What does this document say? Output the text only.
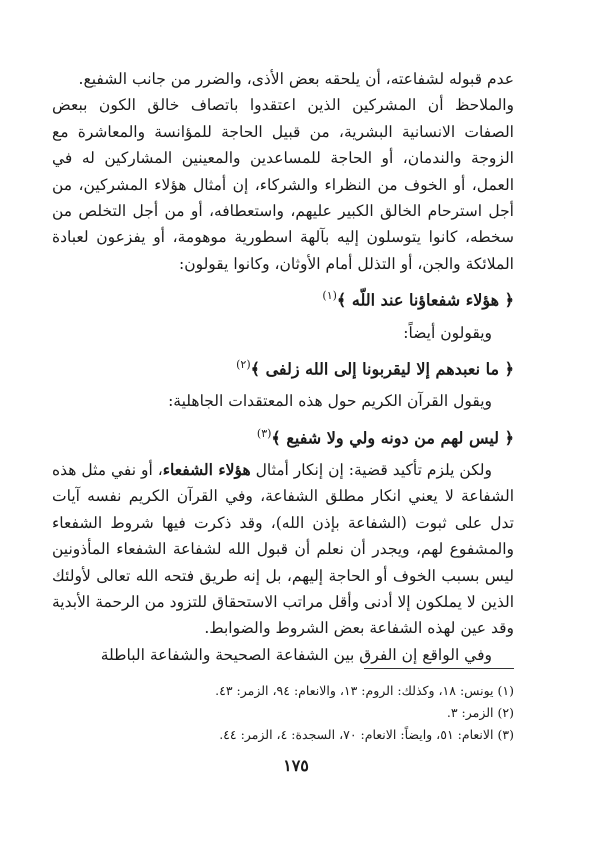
عدم قبوله لشفاعته، أن يلحقه بعض الأذى، والضرر من جانب الشفيع.

والملاحظ أن المشركين الذين اعتقدوا باتصاف خالق الكون ببعض الصفات الانسانية البشرية، من قبيل الحاجة للمؤانسة والمعاشرة مع الزوجة والندمان، أو الحاجة للمساعدين والمعينين المشاركين له في العمل، أو الخوف من النظراء والشركاء، إن أمثال هؤلاء المشركين، من أجل استرحام الخالق الكبير عليهم، واستعطافه، أو من أجل التخلص من سخطه، كانوا يتوسلون إليه بآلهة اسطورية موهومة، أو يفزعون لعبادة الملائكة والجن، أو التذلل أمام الأوثان، وكانوا يقولون:

﴿ هؤلاء شفعاؤنا عند اللّه ﴾$^{(١)}$

ويقولون أيضاً:

﴿ ما نعبدهم إلا ليقربونا إلى الله زلفى ﴾$^{(٢)}$

ويقول القرآن الكريم حول هذه المعتقدات الجاهلية:

﴿ ليس لهم من دونه ولي ولا شفيع ﴾$^{(٣)}$

ولكن يلزم تأكيد قضية: إن إنكار أمثال هؤلاء الشفعاء، أو نفي مثل هذه الشفاعة لا يعني انكار مطلق الشفاعة، وفي القرآن الكريم نفسه آيات تدل على ثبوت (الشفاعة بإذن الله)، وقد ذكرت فيها شروط الشفعاء والمشفوع لهم، ويجدر أن نعلم أن قبول الله لشفاعة الشفعاء المأذونين ليس بسبب الخوف أو الحاجة إليهم، بل إنه طريق فتحه الله تعالى لأولئك الذين لا يملكون إلا أدنى وأقل مراتب الاستحقاق للتزود من الرحمة الأبدية وقد عين لهذه الشفاعة بعض الشروط والضوابط.

وفي الواقع إن الفرق بين الشفاعة الصحيحة والشفاعة الباطلة

(١) يونس: ١٨، وكذلك: الروم: ١٣، والانعام: ٩٤، الزمر: ٤٣.

(٢) الزمر: ٣.

(٣) الانعام: ٥١، وايضاً: الانعام: ٧٠، السجدة: ٤، الزمر: ٤٤.

١٧٥
